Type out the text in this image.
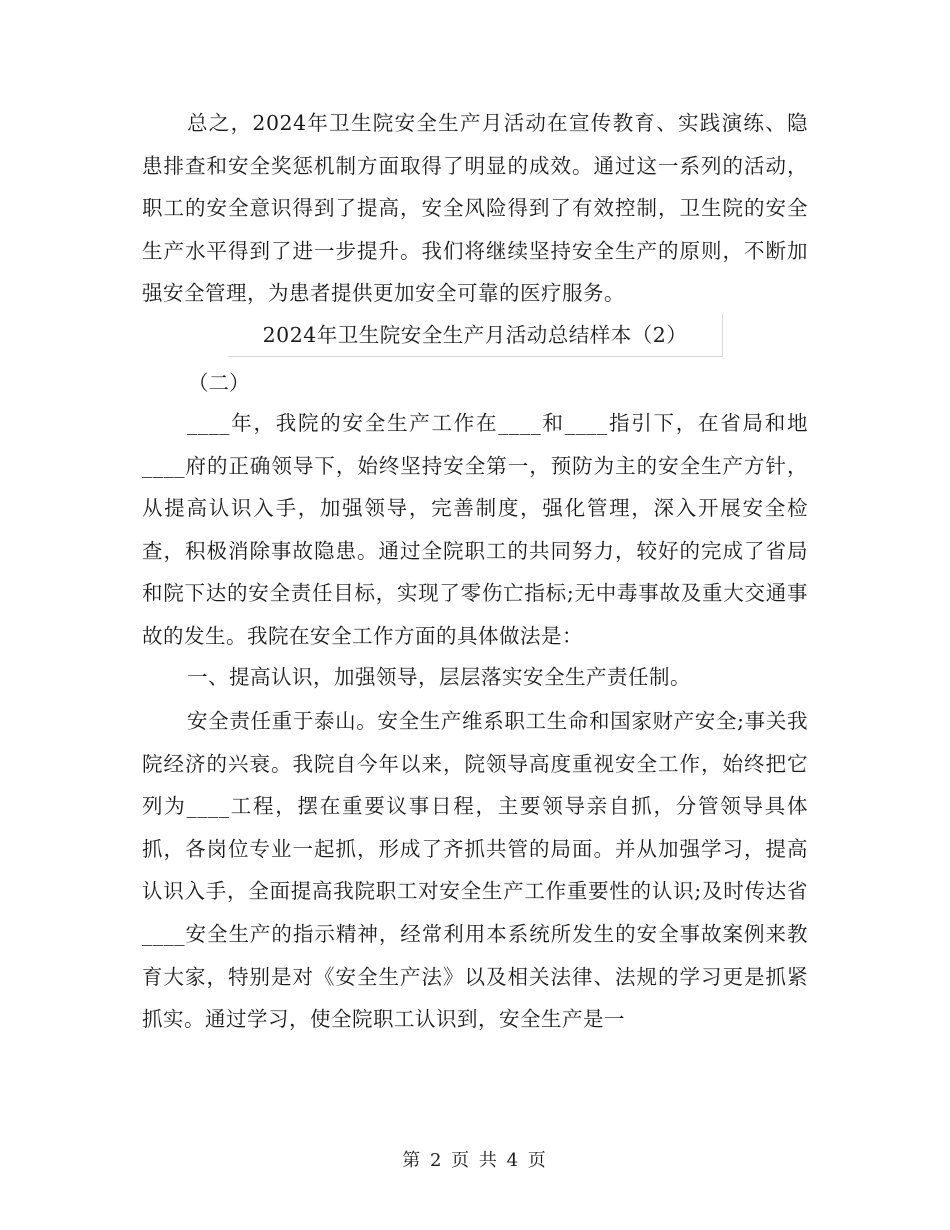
总之，2024年卫生院安全生产月活动在宣传教育、实践演练、隐患排查和安全奖惩机制方面取得了明显的成效。通过这一系列的活动，职工的安全意识得到了提高，安全风险得到了有效控制，卫生院的安全生产水平得到了进一步提升。我们将继续坚持安全生产的原则，不断加强安全管理，为患者提供更加安全可靠的医疗服务。

2024年卫生院安全生产月活动总结样本（2）

（二）

____年，我院的安全生产工作在____和____指引下，在省局和地____府的正确领导下，始终坚持安全第一，预防为主的安全生产方针，从提高认识入手，加强领导，完善制度，强化管理，深入开展安全检查，积极消除事故隐患。通过全院职工的共同努力，较好的完成了省局和院下达的安全责任目标，实现了零伤亡指标;无中毒事故及重大交通事故的发生。我院在安全工作方面的具体做法是：

一、提高认识，加强领导，层层落实安全生产责任制。

安全责任重于泰山。安全生产维系职工生命和国家财产安全;事关我院经济的兴衰。我院自今年以来，院领导高度重视安全工作，始终把它列为____工程，摆在重要议事日程，主要领导亲自抓，分管领导具体抓，各岗位专业一起抓，形成了齐抓共管的局面。并从加强学习，提高认识入手，全面提高我院职工对安全生产工作重要性的认识;及时传达省____安全生产的指示精神，经常利用本系统所发生的安全事故案例来教育大家，特别是对《安全生产法》以及相关法律、法规的学习更是抓紧抓实。通过学习，使全院职工认识到，安全生产是一

第 2 页 共 4 页
